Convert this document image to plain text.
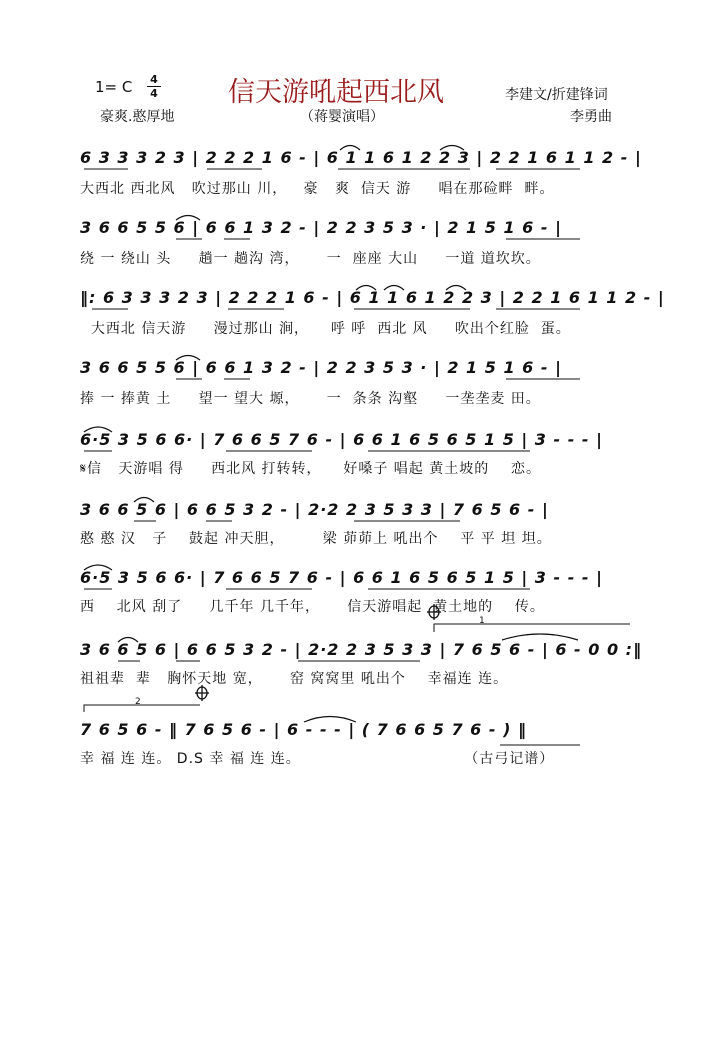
1= C 4
4	信天游吼起西北风	李建文/折建锋词
豪爽.憨厚地	（蒋婴演唱）	李勇曲
1
2
6 3 3 3 2 3 | 2 2 2 1 6 - | 6 1 1 6 1 2 2 3 | 2 2 1 6 1 1 2 - |
大西北 西北风   吹过那山 川，   豪   爽  信天 游     唱在那硷畔  畔。
3 6 6 5 5 6 | 6 6 1 3 2 - | 2 2 3 5 3 · | 2 1 5 1 6 - |
绕 一 绕山 头     趟一 趟沟 湾，     一  座座 大山     一道 道坎坎。
‖: 6 3 3 3 2 3 | 2 2 2 1 6 - | 6 1 1 6 1 2 2 3 | 2 2 1 6 1 1 2 - |
大西北 信天游     漫过那山 涧，    呼 呼  西北 风     吹出个红脸  蛋。
3 6 6 5 5 6 | 6 6 1 3 2 - | 2 2 3 5 3 · | 2 1 5 1 6 - |
捧 一 捧黄 土     望一 望大 塬，     一  条条 沟壑     一垄垄麦 田。
6·5 3 5 6 6· | 7 6 6 5 7 6 - | 6 6 1 6 5 6 5 1 5 | 3 - - - |
𝄋信   天游唱 得     西北风 打转转，    好嗓子 唱起 黄土坡的    恋。
3 6 6 5 6 | 6 6 5 3 2 - | 2·2 2 3 5 3 3 | 7 6 5 6 - |
憨 憨 汉   子    鼓起 冲天胆，       梁 茆茆上 吼出个    平 平 坦 坦。
6·5 3 5 6 6· | 7 6 6 5 7 6 - | 6 6 1 6 5 6 5 1 5 | 3 - - - |
西    北风 刮了     几千年 几千年，     信天游唱起  黄土地的    传。
3 6 6 5 6 | 6 6 5 3 2 - | 2·2 2 3 5 3 3 | 7 6 5 6 - | 6 - 0 0 :‖
祖祖辈  辈   胸怀天地 宽，     窑 窝窝里 吼出个    幸福连 连。
7 6 5 6 - ‖ 7 6 5 6 - | 6 - - - | ( 7 6 6 5 7 6 - ) ‖
幸 福 连 连。 D.S 幸 福 连 连。                              （古弓记谱）
